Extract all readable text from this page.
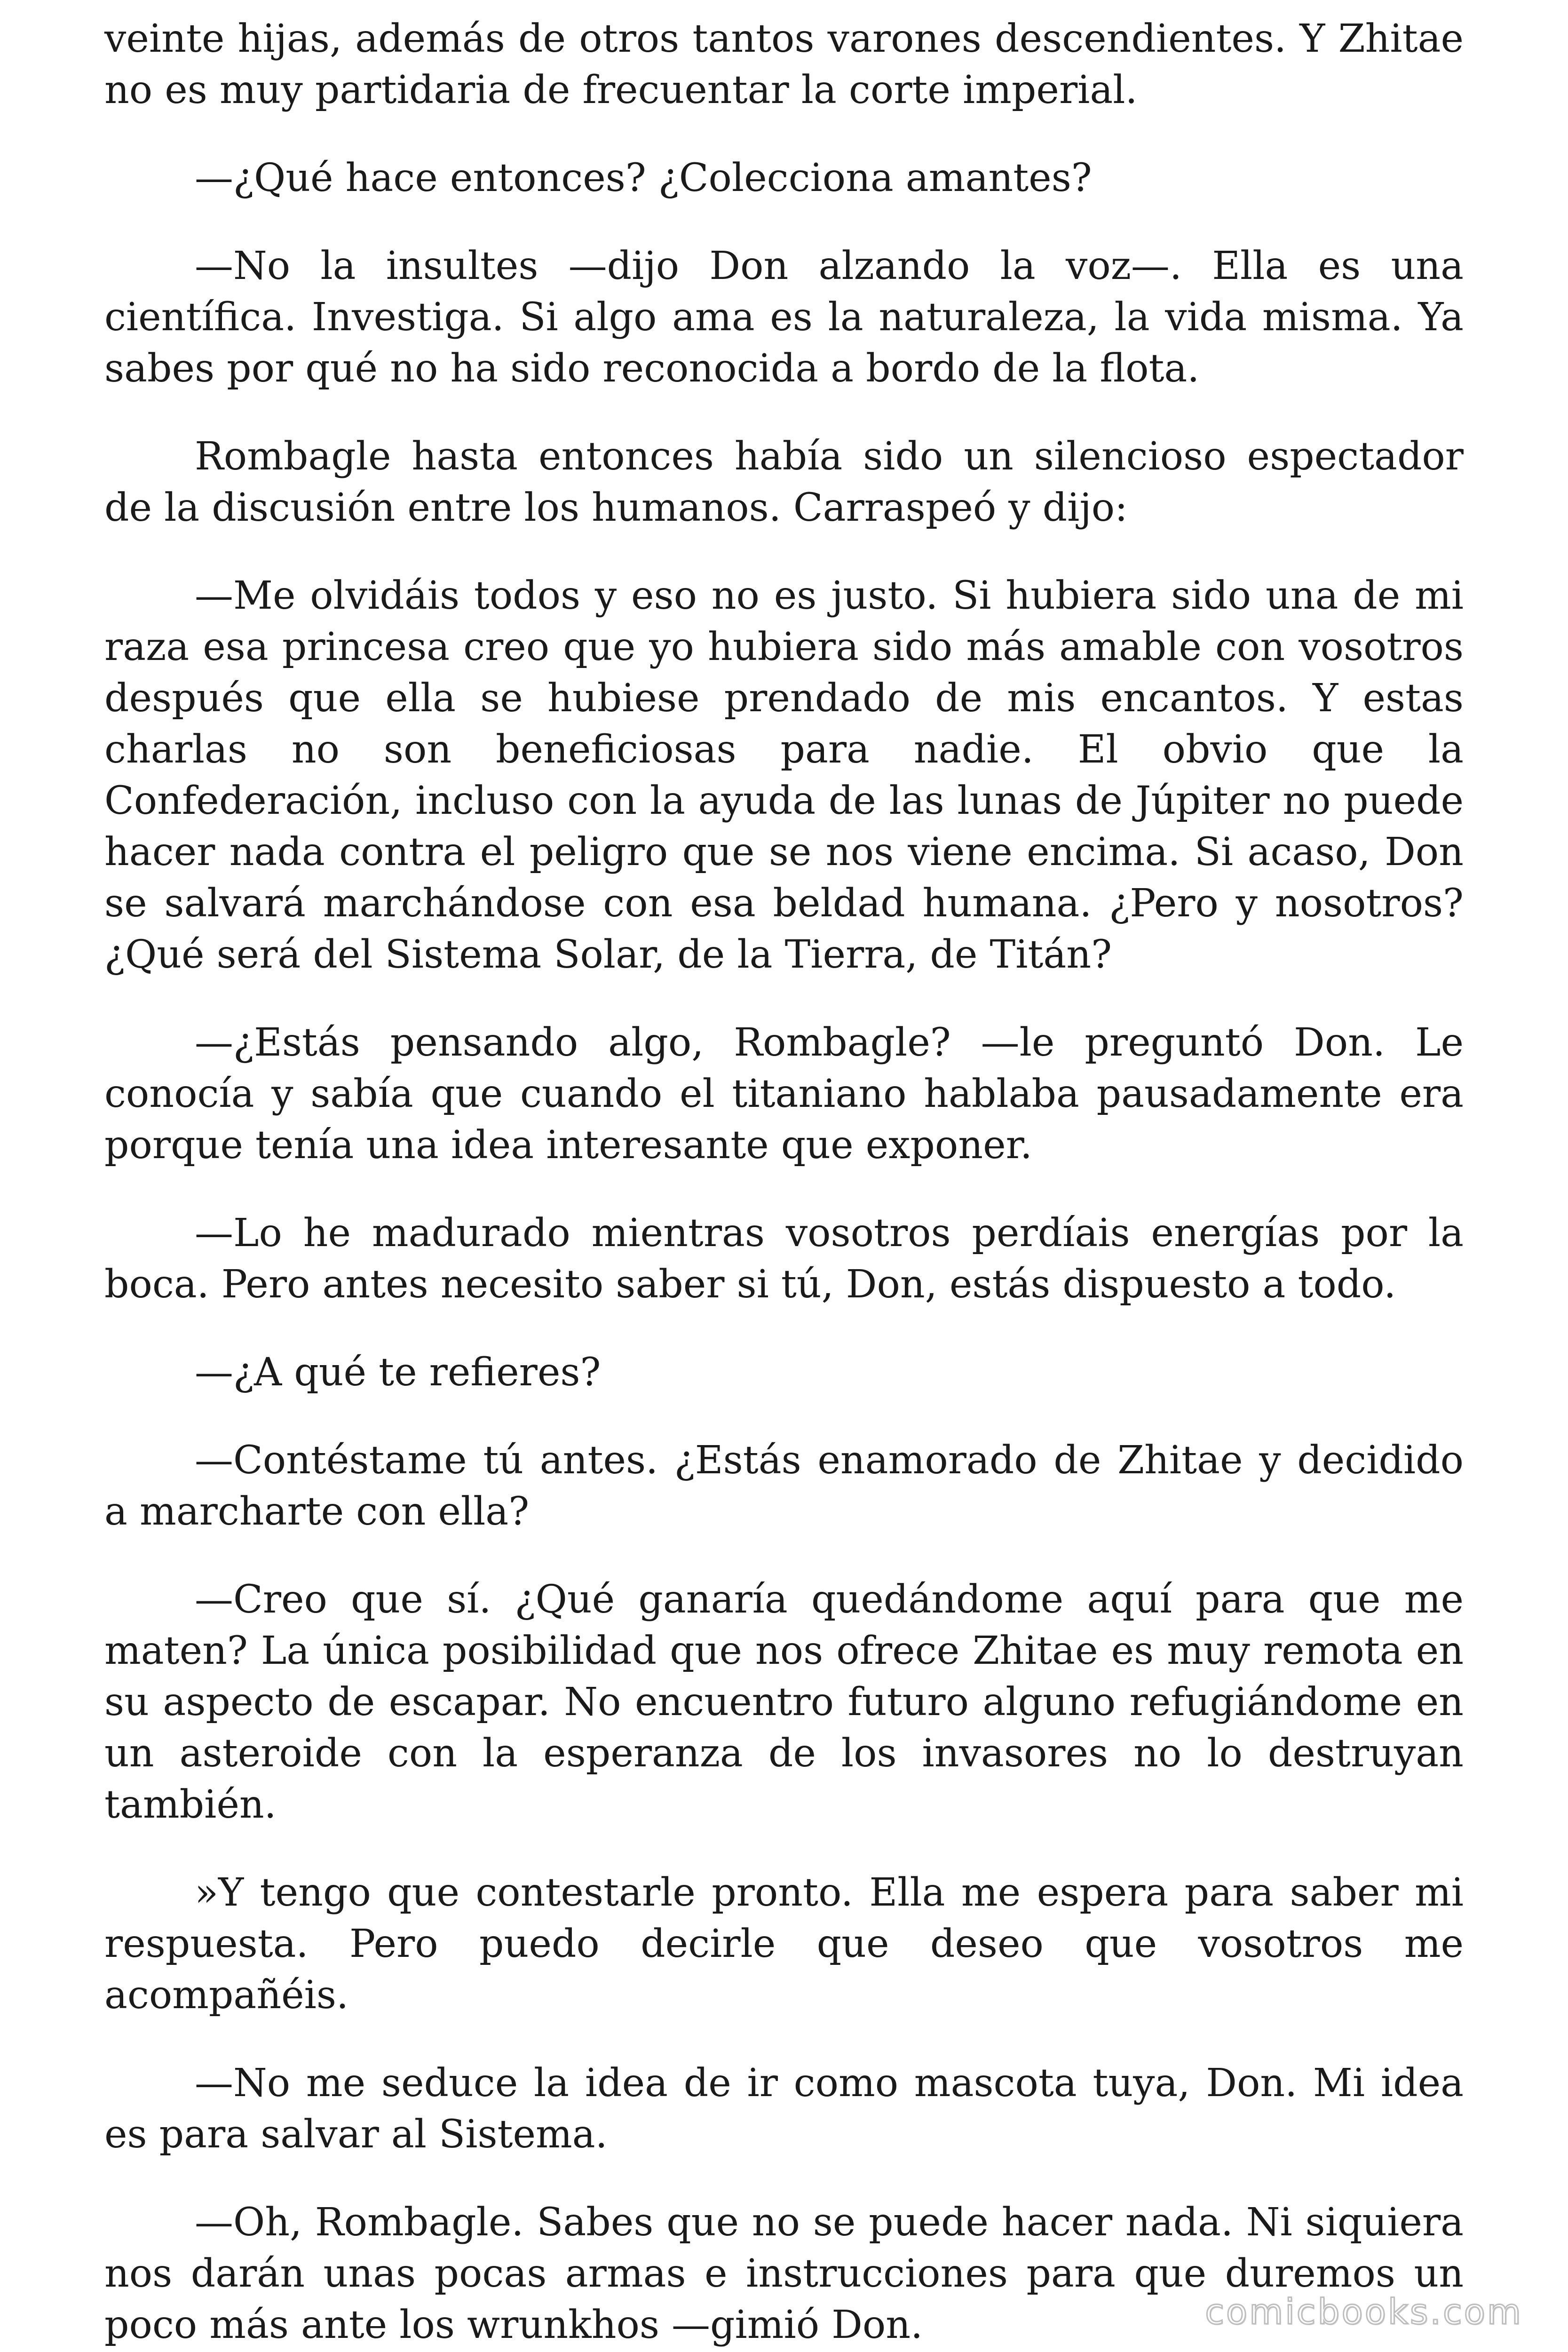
veinte hijas, además de otros tantos varones descendientes. Y Zhitae no es muy partidaria de frecuentar la corte imperial.

—¿Qué hace entonces? ¿Colecciona amantes?

—No la insultes —dijo Don alzando la voz—. Ella es una científica. Investiga. Si algo ama es la naturaleza, la vida misma. Ya sabes por qué no ha sido reconocida a bordo de la flota.

Rombagle hasta entonces había sido un silencioso espectador de la discusión entre los humanos. Carraspeó y dijo:

—Me olvidáis todos y eso no es justo. Si hubiera sido una de mi raza esa princesa creo que yo hubiera sido más amable con vosotros después que ella se hubiese prendado de mis encantos. Y estas charlas no son beneficiosas para nadie. El obvio que la Confederación, incluso con la ayuda de las lunas de Júpiter no puede hacer nada contra el peligro que se nos viene encima. Si acaso, Don se salvará marchándose con esa beldad humana. ¿Pero y nosotros? ¿Qué será del Sistema Solar, de la Tierra, de Titán?

—¿Estás pensando algo, Rombagle? —le preguntó Don. Le conocía y sabía que cuando el titaniano hablaba pausadamente era porque tenía una idea interesante que exponer.

—Lo he madurado mientras vosotros perdíais energías por la boca. Pero antes necesito saber si tú, Don, estás dispuesto a todo.

—¿A qué te refieres?

—Contéstame tú antes. ¿Estás enamorado de Zhitae y decidido a marcharte con ella?

—Creo que sí. ¿Qué ganaría quedándome aquí para que me maten? La única posibilidad que nos ofrece Zhitae es muy remota en su aspecto de escapar. No encuentro futuro alguno refugiándome en un asteroide con la esperanza de los invasores no lo destruyan también.

»Y tengo que contestarle pronto. Ella me espera para saber mi respuesta. Pero puedo decirle que deseo que vosotros me acompañéis.

—No me seduce la idea de ir como mascota tuya, Don. Mi idea es para salvar al Sistema.

—Oh, Rombagle. Sabes que no se puede hacer nada. Ni siquiera nos darán unas pocas armas e instrucciones para que duremos un poco más ante los wrunkhos —gimió Don.	comicbooks.com
